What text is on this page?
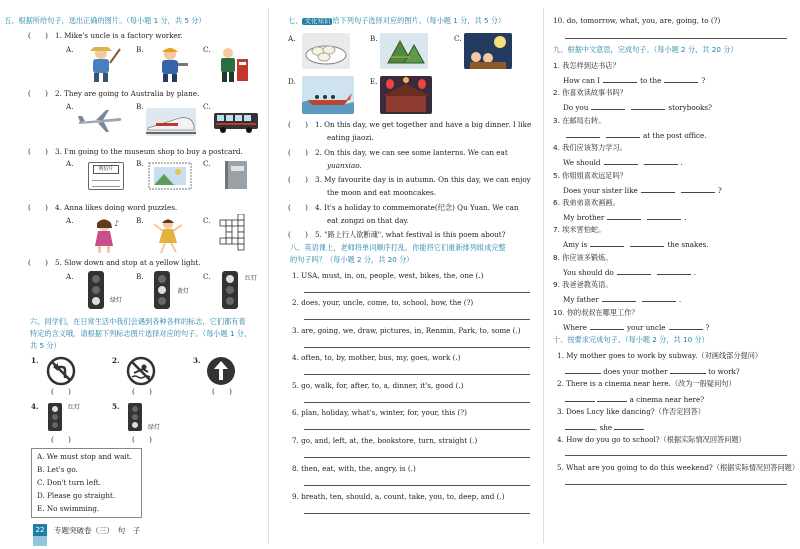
五、根据所给句子，选出正确的图片。（每小题 1 分，共 5 分）
(　　) 1. Mike's uncle is a factory worker.
A.	B.	C.
(　　) 2. They are going to Australia by plane.
A.	B.	C.
(　　) 3. I'm going to the museum shop to buy a postcard.
A.	B.	C.
明信片
(　　) 4. Anna likes doing word puzzles.
A.	B.	C.
♪
(　　) 5. Slow down and stop at a yellow light.
A.	B.	C.
绿灯
黄灯
红灯
六、同学们，在日常生活中我们会遇到各种各样的标志，它们都有着
特定的含义哦，请根据下列标志图片选择对应的句子。（每小题 1 分，
共 5 分）
1.
(　　)
2.
(　　)
3.
(　　)
4.	红灯
(　　)
5.
绿灯
(　　)
A. We must stop and wait.
B. Let's go.
C. Don't turn left.
D. Please go straight.
E. No swimming.
七、 文化知识 给下列句子选择对应的图片。（每小题 1 分，共 5 分）
A.	B.	C.
D.	E.
(　　) 1. On this day, we get together and have a big dinner. I like
eating jiaozi.
(　　) 2. On this day, we can see some lanterns. We can eat
yuanxiao.
(　　) 3. My favourite day is in autumn. On this day, we can enjoy
the moon and eat mooncakes.
(　　) 4. It's a holiday to commemorate(纪念) Qu Yuan. We can
eat zongzi on that day.
(　　) 5. "路上行人欲断魂", what festival is this poem about?
八、英语课上，老师将单词顺序打乱，你能将它们重新排列组成完整
的句子吗？（每小题 2 分，共 20 分）
1. USA, must, in, on, people, west, bikes, the, one (.)
2. does, your, uncle, come, to, school, how, the (?)
3. are, going, we, draw, pictures, in, Renmin, Park, to, some (.)
4. often, to, by, mother, bus, my, goes, work (.)
5. go, walk, for, after, to, a, dinner, it's, good (.)
6. plan, holiday, what's, winter, for, your, this (?)
7. go, and, left, at, the, bookstore, turn, straight (.)
8. then, eat, with, the, angry, is (.)
9. breath, ten, should, a, count, take, you, to, deep, and (.)
10. do, tomorrow, what, you, are, going, to (?)
九、根据中文意思，完成句子。（每小题 2 分，共 20 分）
1. 我怎样到达书店？
How can I	to the	?
2. 你喜欢读故事书吗？
Do you	storybooks?
3. 在邮局右转。
at the post office.
4. 我们应该努力学习。
We should	.
5. 你姐姐喜欢远足吗？
Does your sister like	?
6. 我弟弟喜欢画画。
My brother	.
7. 埃米害怕蛇。
Amy is	the snakes.
8. 你应该多锻炼。
You should do	.
9. 我爸爸教英语。
My father	.
10. 你的叔叔在哪里工作？
Where	your uncle	?
十、按要求完成句子。（每小题 2 分，共 10 分）
1. My mother goes to work by subway.（对画线部分提问）
does your mother	to work?
2. There is a cinema near here.（改为一般疑问句）
a cinema near here?
3. Does Lucy like dancing?（作否定回答）
, she
4. How do you go to school?（根据实际情况回答问题）
5. What are you going to do this weekend?（根据实际情况回答问题）
22	专题突破卷（三）　句　子
